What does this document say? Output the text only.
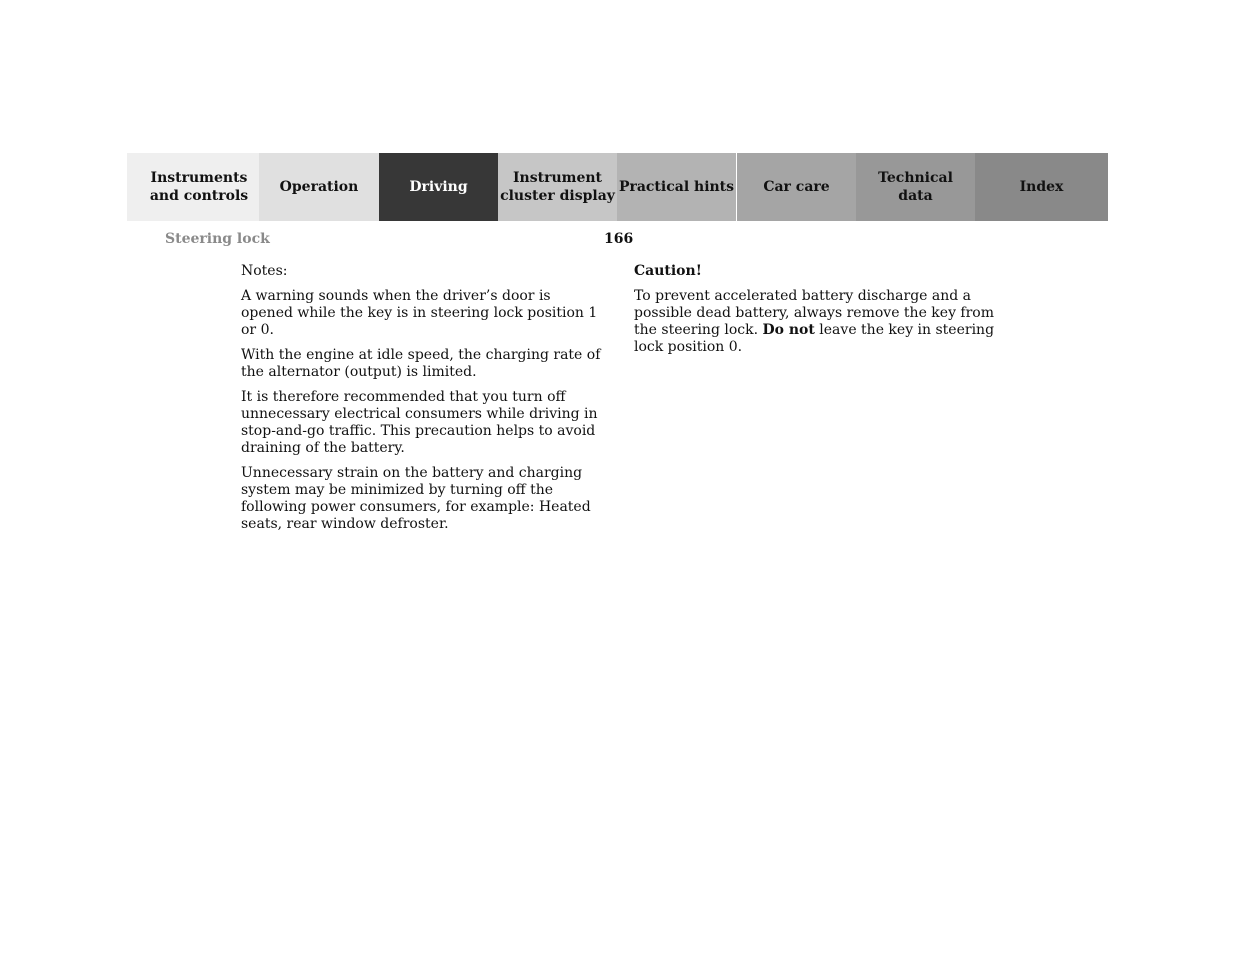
Instruments
and controls
Operation	Driving
Instrument
cluster display
Practical hints	Car care
Technical
data
Index
Steering lock	166

Notes:

A warning sounds when the driver’s door is opened while the key is in steering lock position 1 or 0.

With the engine at idle speed, the charging rate of the alternator (output) is limited.

It is therefore recommended that you turn off unnecessary electrical consumers while driving in stop-and-go traffic. This precaution helps to avoid draining of the battery.

Unnecessary strain on the battery and charging system may be minimized by turning off the following power consumers, for example: Heated seats, rear window defroster.

Caution!

To prevent accelerated battery discharge and a possible dead battery, always remove the key from the steering lock. Do not leave the key in steering lock position 0.
